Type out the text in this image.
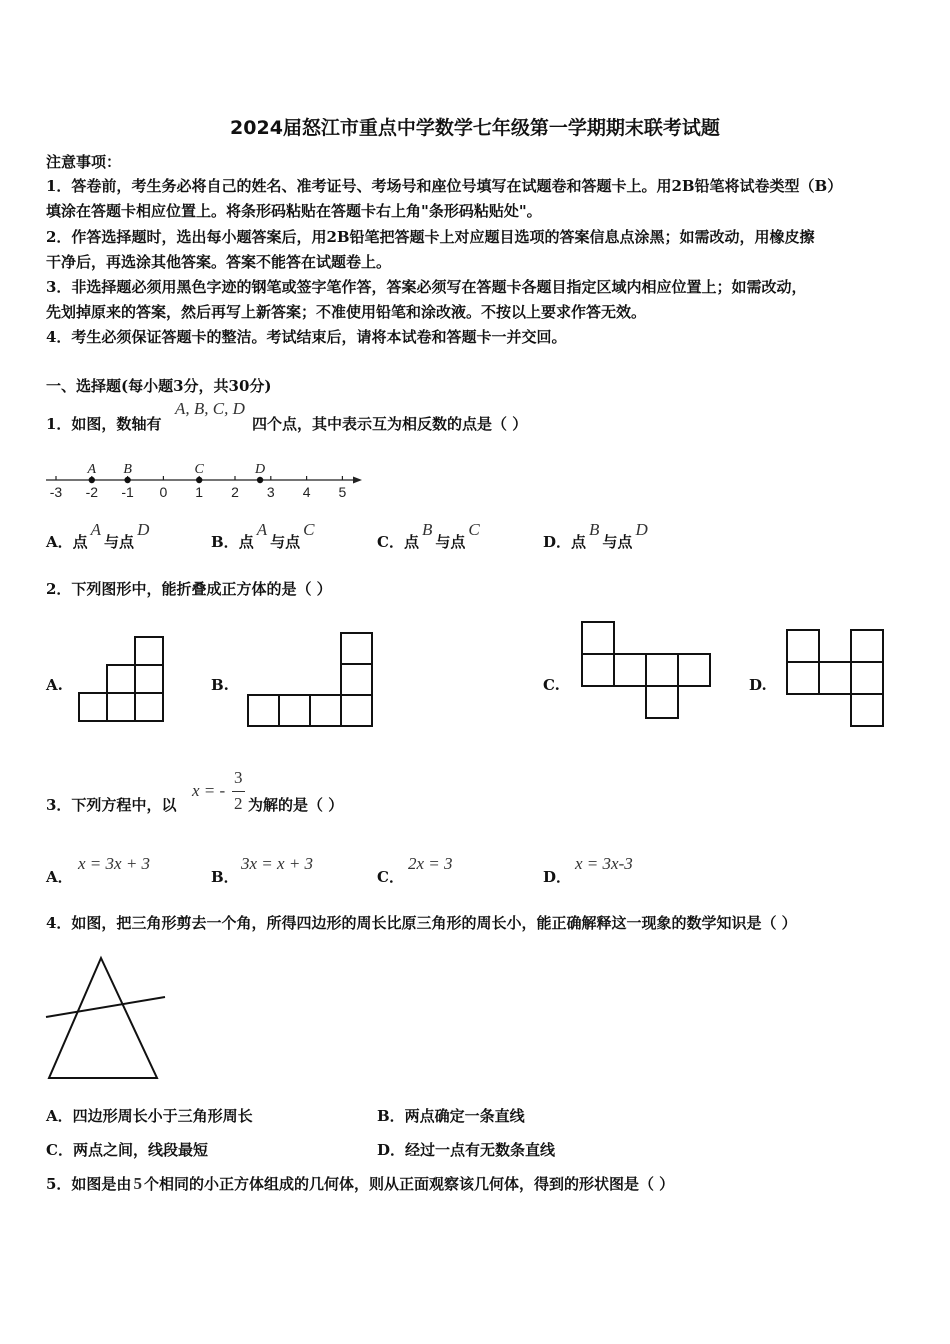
2024届怒江市重点中学数学七年级第一学期期末联考试题
注意事项：
1．答卷前，考生务必将自己的姓名、准考证号、考场号和座位号填写在试题卷和答题卡上。用2B铅笔将试卷类型（B）
填涂在答题卡相应位置上。将条形码粘贴在答题卡右上角"条形码粘贴处"。
2．作答选择题时，选出每小题答案后，用2B铅笔把答题卡上对应题目选项的答案信息点涂黑；如需改动，用橡皮擦
干净后，再选涂其他答案。答案不能答在试题卷上。
3．非选择题必须用黑色字迹的钢笔或签字笔作答，答案必须写在答题卡各题目指定区域内相应位置上；如需改动，
先划掉原来的答案，然后再写上新答案；不准使用铅笔和涂改液。不按以上要求作答无效。
4．考生必须保证答题卡的整洁。考试结束后，请将本试卷和答题卡一并交回。
一、选择题(每小题3分，共30分)
1．如图，数轴有
A, B, C, D
四个点，其中表示互为相反数的点是（ ）
-3 -2 -1 0 1 2 3 4 5
A B	C	D
A．点A与点D
B．点A与点C
C．点B与点C
D．点B与点D
2．下列图形中，能折叠成正方体的是（ ）
A.	B.	C.	D.
3．下列方程中，以
x = -
3
2 为解的是（ ）
A．
x = 3x + 3
B．
3x = x + 3
C．
2x = 3
D．
x = 3x-3
4．如图，把三角形剪去一个角，所得四边形的周长比原三角形的周长小，能正确解释这一现象的数学知识是（ ）
A．四边形周长小于三角形周长	B．两点确定一条直线
C．两点之间，线段最短	D．经过一点有无数条直线
5．如图是由 5 个相同的小正方体组成的几何体，则从正面观察该几何体，得到的形状图是（ ）
